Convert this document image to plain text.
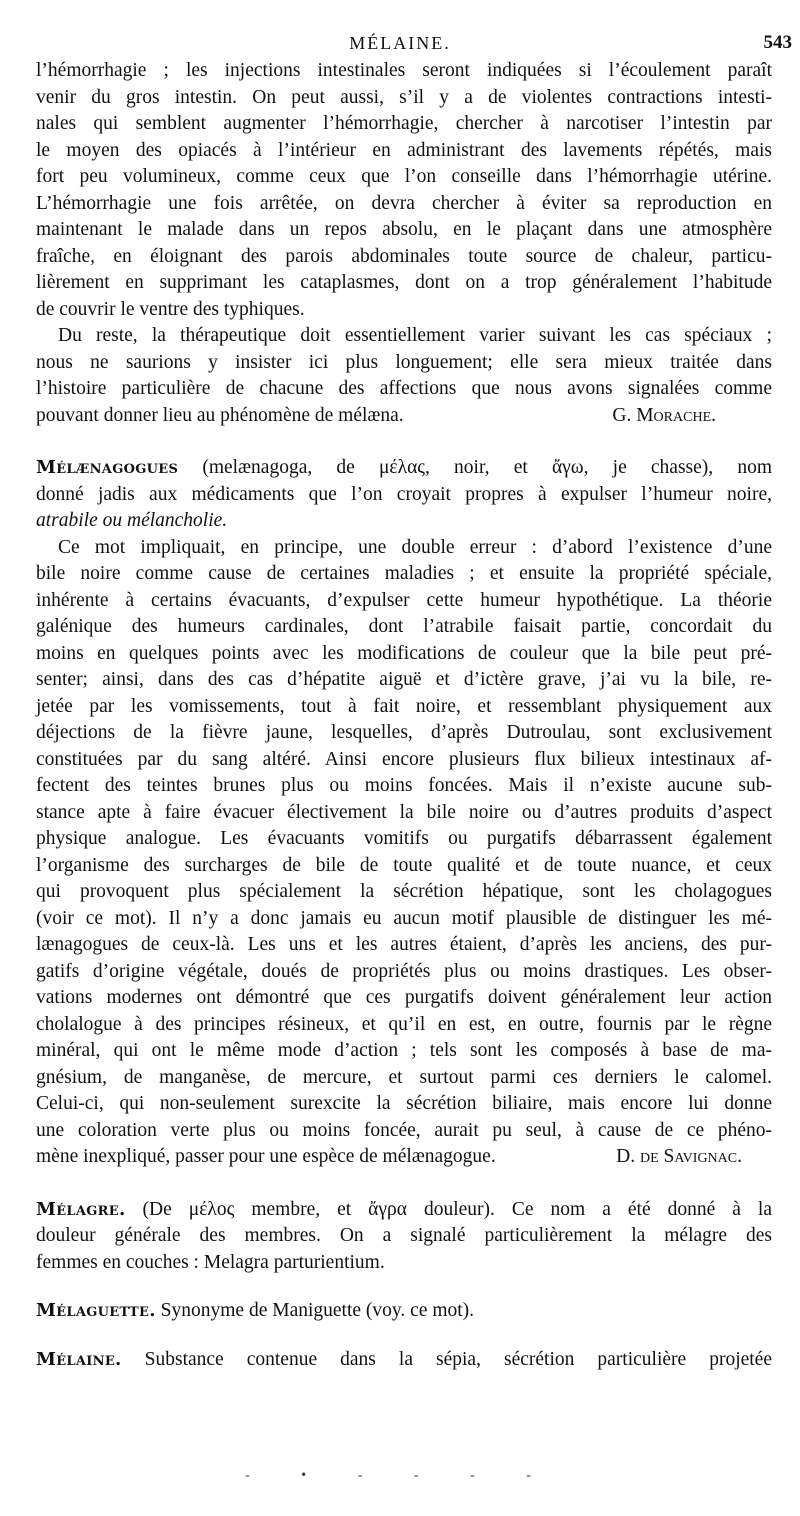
MÉLAINE.	543
l’hémorrhagie ; les injections intestinales seront indiquées si l’écoulement paraît
venir du gros intestin. On peut aussi, s’il y a de violentes contractions intesti-
nales qui semblent augmenter l’hémorrhagie, chercher à narcotiser l’intestin par
le moyen des opiacés à l’intérieur en administrant des lavements répétés, mais
fort peu volumineux, comme ceux que l’on conseille dans l’hémorrhagie utérine.
L’hémorrhagie une fois arrêtée, on devra chercher à éviter sa reproduction en
maintenant le malade dans un repos absolu, en le plaçant dans une atmosphère
fraîche, en éloignant des parois abdominales toute source de chaleur, particu-
lièrement en supprimant les cataplasmes, dont on a trop généralement l’habitude
de couvrir le ventre des typhiques.
Du reste, la thérapeutique doit essentiellement varier suivant les cas spéciaux ;
nous ne saurions y insister ici plus longuement; elle sera mieux traitée dans
l’histoire particulière de chacune des affections que nous avons signalées comme
pouvant donner lieu au phénomène de mélæna.	G. Morache.
Mélænagogues (melænagoga, de μέλας, noir, et ἄγω, je chasse), nom
donné jadis aux médicaments que l’on croyait propres à expulser l’humeur noire,
atrabile ou mélancholie.
Ce mot impliquait, en principe, une double erreur : d’abord l’existence d’une
bile noire comme cause de certaines maladies ; et ensuite la propriété spéciale,
inhérente à certains évacuants, d’expulser cette humeur hypothétique. La théorie
galénique des humeurs cardinales, dont l’atrabile faisait partie, concordait du
moins en quelques points avec les modifications de couleur que la bile peut pré-
senter; ainsi, dans des cas d’hépatite aiguë et d’ictère grave, j’ai vu la bile, re-
jetée par les vomissements, tout à fait noire, et ressemblant physiquement aux
déjections de la fièvre jaune, lesquelles, d’après Dutroulau, sont exclusivement
constituées par du sang altéré. Ainsi encore plusieurs flux bilieux intestinaux af-
fectent des teintes brunes plus ou moins foncées. Mais il n’existe aucune sub-
stance apte à faire évacuer électivement la bile noire ou d’autres produits d’aspect
physique analogue. Les évacuants vomitifs ou purgatifs débarrassent également
l’organisme des surcharges de bile de toute qualité et de toute nuance, et ceux
qui provoquent plus spécialement la sécrétion hépatique, sont les cholagogues
(voir ce mot). Il n’y a donc jamais eu aucun motif plausible de distinguer les mé-
lænagogues de ceux-là. Les uns et les autres étaient, d’après les anciens, des pur-
gatifs d’origine végétale, doués de propriétés plus ou moins drastiques. Les obser-
vations modernes ont démontré que ces purgatifs doivent généralement leur action
cholalogue à des principes résineux, et qu’il en est, en outre, fournis par le règne
minéral, qui ont le même mode d’action ; tels sont les composés à base de ma-
gnésium, de manganèse, de mercure, et surtout parmi ces derniers le calomel.
Celui-ci, qui non-seulement surexcite la sécrétion biliaire, mais encore lui donne
une coloration verte plus ou moins foncée, aurait pu seul, à cause de ce phéno-
mène inexpliqué, passer pour une espèce de mélænagogue.	D. de Savignac.
Mélagre. (De μέλος membre, et ἄγρα douleur). Ce nom a été donné à la
douleur générale des membres. On a signalé particulièrement la mélagre des
femmes en couches : Melagra parturientium.
Mélaguette. Synonyme de Maniguette (voy. ce mot).
Mélaine. Substance contenue dans la sépia, sécrétion particulière projetée
- • - - - -
